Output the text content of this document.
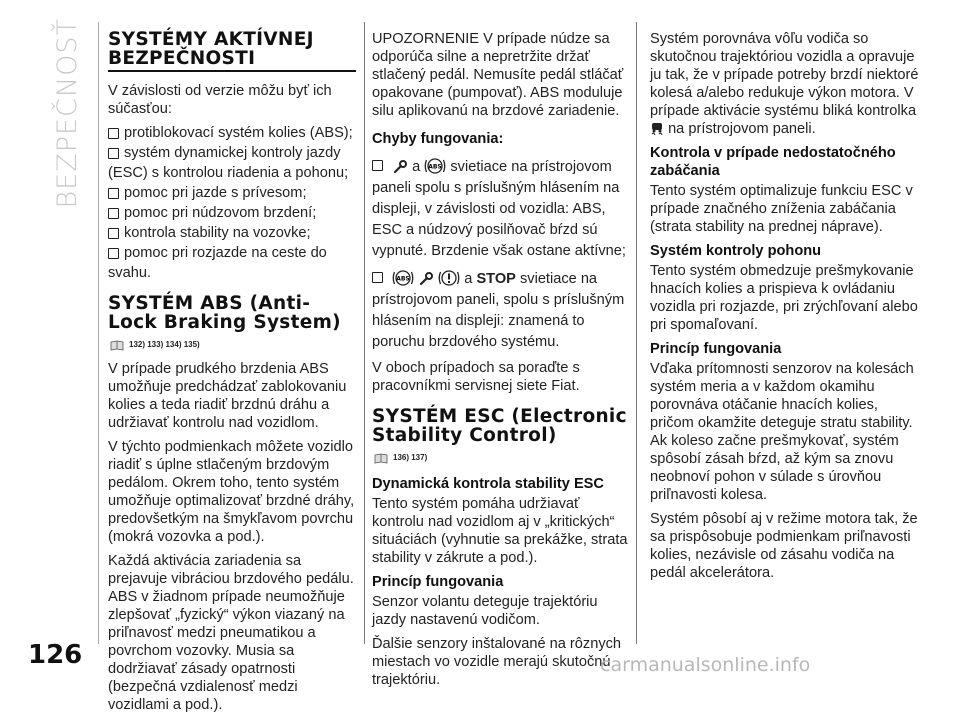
BEZPEČNOSŤ SYSTÉMY AKTÍVNEJ BEZPEČNOSTI

V závislosti od verzie môžu byť ich súčasťou:

protiblokovací systém kolies (ABS);
systém dynamickej kontroly jazdy
(ESC) s kontrolou riadenia a pohonu;
pomoc pri jazde s prívesom;
pomoc pri núdzovom brzdení;
kontrola stability na vozovke;
pomoc pri rozjazde na ceste do
svahu.
SYSTÉM ABS (Anti-Lock Braking System)
132) 133) 134) 135)

V prípade prudkého brzdenia ABS umožňuje predchádzať zablokovaniu kolies a teda riadiť brzdnú dráhu a udržiavať kontrolu nad vozidlom.

V týchto podmienkach môžete vozidlo riadiť s úplne stlačeným brzdovým pedálom. Okrem toho, tento systém umožňuje optimalizovať brzdné dráhy, predovšetkým na šmykľavom povrchu (mokrá vozovka a pod.).

Každá aktivácia zariadenia sa prejavuje vibráciou brzdového pedálu. ABS v žiadnom prípade neumožňuje zlepšovať „fyzický“ výkon viazaný na priľnavosť medzi pneumatikou a povrchom vozovky. Musia sa dodržiavať zásady opatrnosti (bezpečná vzdialenosť medzi vozidlami a pod.).

UPOZORNENIE V prípade núdze sa odporúča silne a nepretržite držať stlačený pedál. Nemusíte pedál stláčať opakovane (pumpovať). ABS moduluje silu aplikovanú na brzdové zariadenie.

Chyby fungovania:
a ABS svietiace na prístrojovom

paneli spolu s príslušným hlásením na displeji, v závislosti od vozidla: ABS, ESC a núdzový posilňovač bŕzd sú vypnuté. Brzdenie však ostane aktívne;

ABS	a STOP svietiace na

prístrojovom paneli, spolu s príslušným hlásením na displeji: znamená to poruchu brzdového systému.

V oboch prípadoch sa poraďte s pracovníkmi servisnej siete Fiat.

SYSTÉM ESC (Electronic Stability Control)
136) 137)
Dynamická kontrola stability ESC

Tento systém pomáha udržiavať kontrolu nad vozidlom aj v „kritických“ situáciách (vyhnutie sa prekážke, strata stability v zákrute a pod.).

Princíp fungovania

Senzor volantu deteguje trajektóriu jazdy nastavenú vodičom.

Ďalšie senzory inštalované na rôznych miestach vo vozidle merajú skutočnú trajektóriu.

Systém porovnáva vôľu vodiča so skutočnou trajektóriou vozidla a opravuje ju tak, že v prípade potreby brzdí niektoré kolesá a/alebo redukuje výkon motora. V prípade aktivácie systému bliká kontrolka  na prístrojovom paneli.

Kontrola v prípade nedostatočného zabáčania

Tento systém optimalizuje funkciu ESC v prípade značného zníženia zabáčania (strata stability na prednej náprave).

Systém kontroly pohonu

Tento systém obmedzuje prešmykovanie hnacích kolies a prispieva k ovládaniu vozidla pri rozjazde, pri zrýchľovaní alebo pri spomaľovaní.

Princíp fungovania

Vďaka prítomnosti senzorov na kolesách systém meria a v každom okamihu porovnáva otáčanie hnacích kolies, pričom okamžite deteguje stratu stability. Ak koleso začne prešmykovať, systém spôsobí zásah bŕzd, až kým sa znovu neobnoví pohon v súlade s úrovňou priľnavosti kolesa.

Systém pôsobí aj v režime motora tak, že sa prispôsobuje podmienkam priľnavosti kolies, nezávisle od zásahu vodiča na pedál akcelerátora.

126	carmanualsonline.info
